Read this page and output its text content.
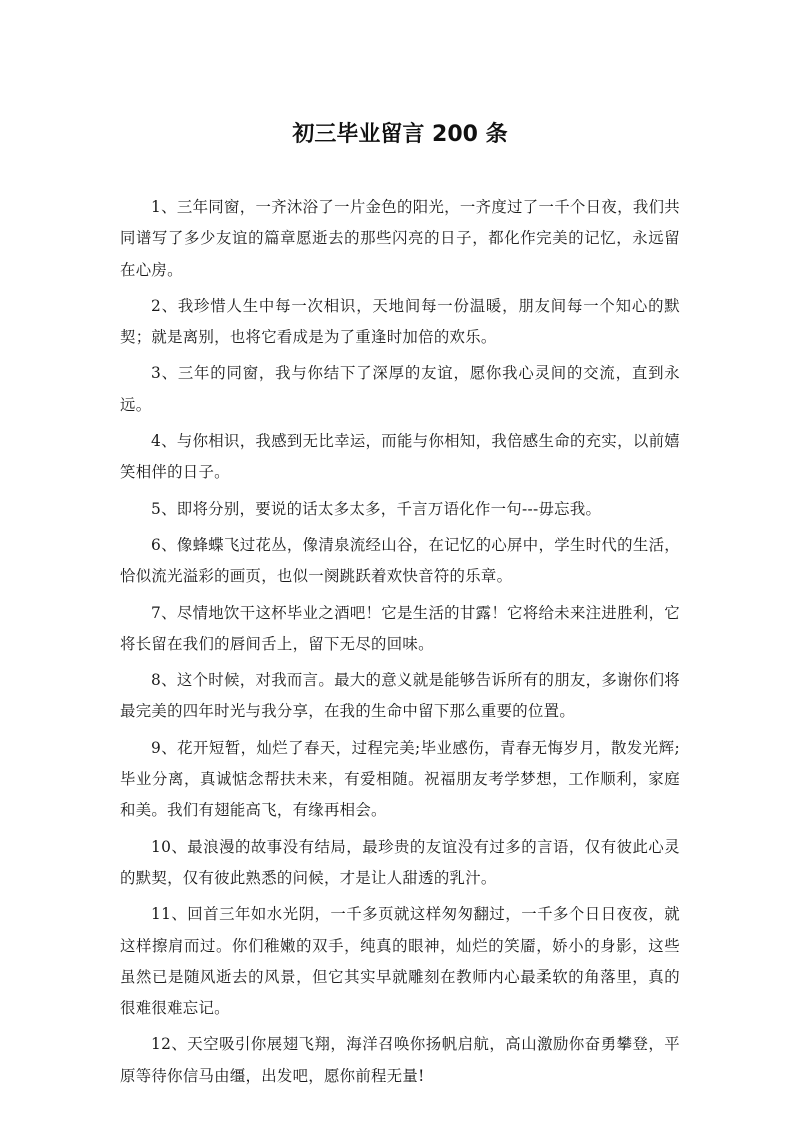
初三毕业留言 200 条

1、三年同窗，一齐沐浴了一片金色的阳光，一齐度过了一千个日夜，我们共同谱写了多少友谊的篇章愿逝去的那些闪亮的日子，都化作完美的记忆，永远留在心房。

2、我珍惜人生中每一次相识，天地间每一份温暖，朋友间每一个知心的默契；就是离别，也将它看成是为了重逢时加倍的欢乐。

3、三年的同窗，我与你结下了深厚的友谊，愿你我心灵间的交流，直到永远。

4、与你相识，我感到无比幸运，而能与你相知，我倍感生命的充实，以前嬉笑相伴的日子。

5、即将分别，要说的话太多太多，千言万语化作一句---毋忘我。

6、像蜂蝶飞过花丛，像清泉流经山谷，在记忆的心屏中，学生时代的生活，恰似流光溢彩的画页，也似一阕跳跃着欢快音符的乐章。

7、尽情地饮干这杯毕业之酒吧！它是生活的甘露！它将给未来注进胜利，它将长留在我们的唇间舌上，留下无尽的回味。

8、这个时候，对我而言。最大的意义就是能够告诉所有的朋友，多谢你们将最完美的四年时光与我分享，在我的生命中留下那么重要的位置。

9、花开短暂，灿烂了春天，过程完美;毕业感伤，青春无悔岁月，散发光辉;毕业分离，真诚惦念帮扶未来，有爱相随。祝福朋友考学梦想，工作顺利，家庭和美。我们有翅能高飞，有缘再相会。

10、最浪漫的故事没有结局，最珍贵的友谊没有过多的言语，仅有彼此心灵的默契，仅有彼此熟悉的问候，才是让人甜透的乳汁。

11、回首三年如水光阴，一千多页就这样匆匆翻过，一千多个日日夜夜，就这样擦肩而过。你们稚嫩的双手，纯真的眼神，灿烂的笑靥，娇小的身影，这些虽然已是随风逝去的风景，但它其实早就雕刻在教师内心最柔软的角落里，真的很难很难忘记。

12、天空吸引你展翅飞翔，海洋召唤你扬帆启航，高山激励你奋勇攀登，平原等待你信马由缰，出发吧，愿你前程无量!
